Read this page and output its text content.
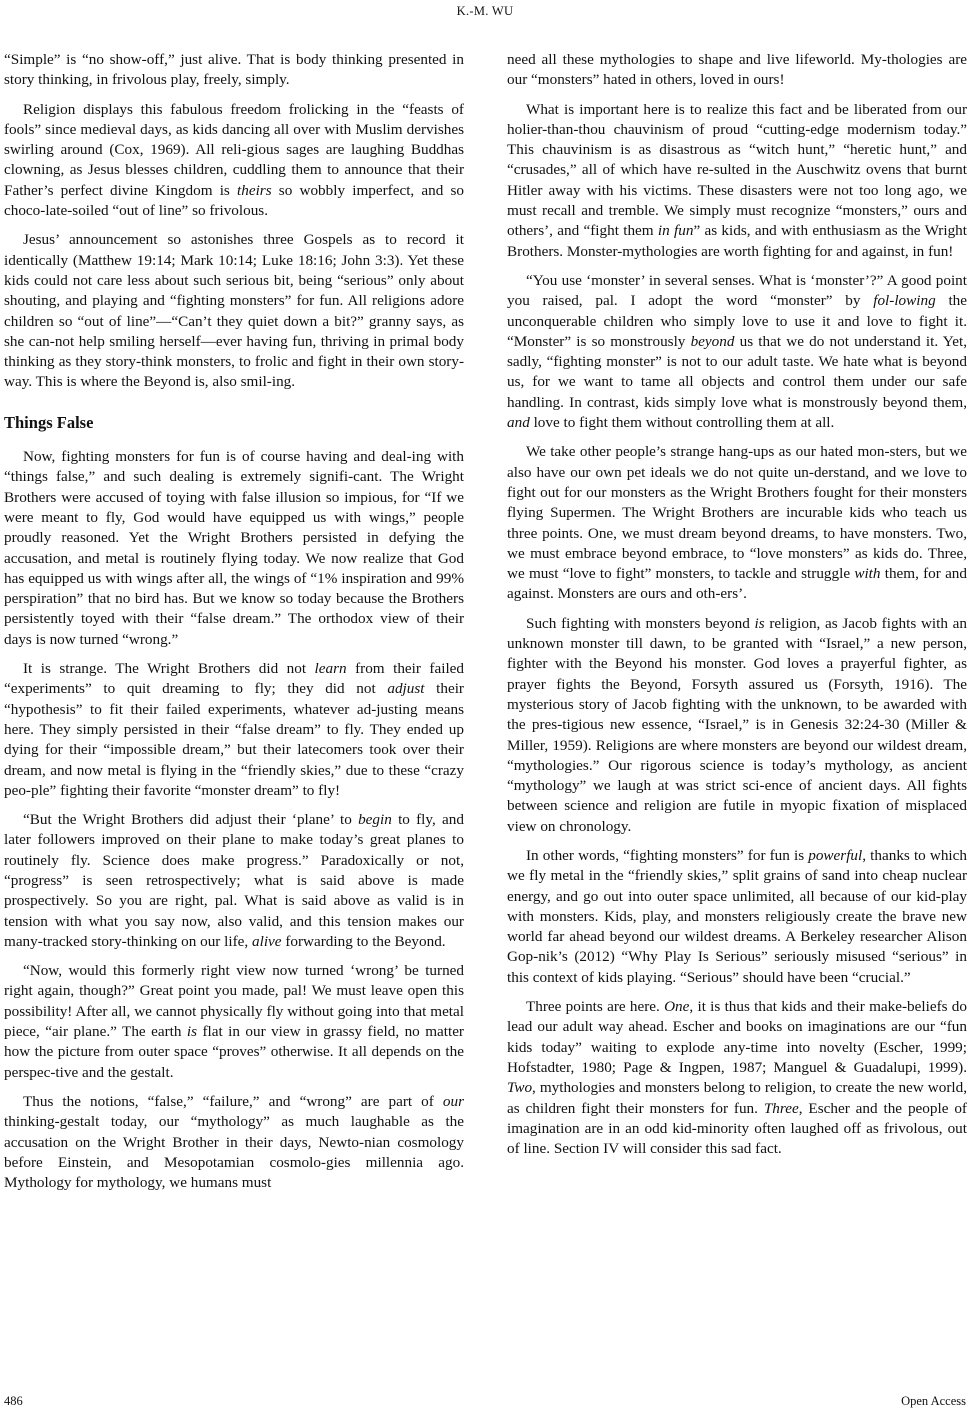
K.-M. WU

“Simple” is “no show-off,” just alive. That is body thinking presented in story thinking, in frivolous play, freely, simply.

Religion displays this fabulous freedom frolicking in the “feasts of fools” since medieval days, as kids dancing all over with Muslim dervishes swirling around (Cox, 1969). All reli-gious sages are laughing Buddhas clowning, as Jesus blesses children, cuddling them to announce that their Father’s perfect divine Kingdom is theirs so wobbly imperfect, and so choco-late-soiled “out of line” so frivolous.

Jesus’ announcement so astonishes three Gospels as to record it identically (Matthew 19:14; Mark 10:14; Luke 18:16; John 3:3). Yet these kids could not care less about such serious bit, being “serious” only about shouting, and playing and “fighting monsters” for fun. All religions adore children so “out of line”—“Can’t they quiet down a bit?” granny says, as she can-not help smiling herself—ever having fun, thriving in primal body thinking as they story-think monsters, to frolic and fight in their own story-way. This is where the Beyond is, also smil-ing.

Things False

Now, fighting monsters for fun is of course having and deal-ing with “things false,” and such dealing is extremely signifi-cant. The Wright Brothers were accused of toying with false illusion so impious, for “If we were meant to fly, God would have equipped us with wings,” people proudly reasoned. Yet the Wright Brothers persisted in defying the accusation, and metal is routinely flying today. We now realize that God has equipped us with wings after all, the wings of “1% inspiration and 99% perspiration” that no bird has. But we know so today because the Brothers persistently toyed with their “false dream.” The orthodox view of their days is now turned “wrong.”

It is strange. The Wright Brothers did not learn from their failed “experiments” to quit dreaming to fly; they did not adjust their “hypothesis” to fit their failed experiments, whatever ad-justing means here. They simply persisted in their “false dream” to fly. They ended up dying for their “impossible dream,” but their latecomers took over their dream, and now metal is flying in the “friendly skies,” due to these “crazy peo-ple” fighting their favorite “monster dream” to fly!

“But the Wright Brothers did adjust their ‘plane’ to begin to fly, and later followers improved on their plane to make today’s great planes to routinely fly. Science does make progress.” Paradoxically or not, “progress” is seen retrospectively; what is said above is made prospectively. So you are right, pal. What is said above as valid is in tension with what you say now, also valid, and this tension makes our many-tracked story-thinking on our life, alive forwarding to the Beyond.

“Now, would this formerly right view now turned ‘wrong’ be turned right again, though?” Great point you made, pal! We must leave open this possibility! After all, we cannot physically fly without going into that metal piece, “air plane.” The earth is flat in our view in grassy field, no matter how the picture from outer space “proves” otherwise. It all depends on the perspec-tive and the gestalt.

Thus the notions, “false,” “failure,” and “wrong” are part of our thinking-gestalt today, our “mythology” as much laughable as the accusation on the Wright Brother in their days, Newto-nian cosmology before Einstein, and Mesopotamian cosmolo-gies millennia ago. Mythology for mythology, we humans must

need all these mythologies to shape and live lifeworld. My-thologies are our “monsters” hated in others, loved in ours!

What is important here is to realize this fact and be liberated from our holier-than-thou chauvinism of proud “cutting-edge modernism today.” This chauvinism is as disastrous as “witch hunt,” “heretic hunt,” and “crusades,” all of which have re-sulted in the Auschwitz ovens that burnt Hitler away with his victims. These disasters were not too long ago, we must recall and tremble. We simply must recognize “monsters,” ours and others’, and “fight them in fun” as kids, and with enthusiasm as the Wright Brothers. Monster-mythologies are worth fighting for and against, in fun!

“You use ‘monster’ in several senses. What is ‘monster’?” A good point you raised, pal. I adopt the word “monster” by fol-lowing the unconquerable children who simply love to use it and love to fight it. “Monster” is so monstrously beyond us that we do not understand it. Yet, sadly, “fighting monster” is not to our adult taste. We hate what is beyond us, for we want to tame all objects and control them under our safe handling. In contrast, kids simply love what is monstrously beyond them, and love to fight them without controlling them at all.

We take other people’s strange hang-ups as our hated mon-sters, but we also have our own pet ideals we do not quite un-derstand, and we love to fight out for our monsters as the Wright Brothers fought for their monsters flying Supermen. The Wright Brothers are incurable kids who teach us three points. One, we must dream beyond dreams, to have monsters. Two, we must embrace beyond embrace, to “love monsters” as kids do. Three, we must “love to fight” monsters, to tackle and struggle with them, for and against. Monsters are ours and oth-ers’.

Such fighting with monsters beyond is religion, as Jacob fights with an unknown monster till dawn, to be granted with “Israel,” a new person, fighter with the Beyond his monster. God loves a prayerful fighter, as prayer fights the Beyond, Forsyth assured us (Forsyth, 1916). The mysterious story of Jacob fighting with the unknown, to be awarded with the pres-tigious new essence, “Israel,” is in Genesis 32:24-30 (Miller & Miller, 1959). Religions are where monsters are beyond our wildest dream, “mythologies.” Our rigorous science is today’s mythology, as ancient “mythology” we laugh at was strict sci-ence of ancient days. All fights between science and religion are futile in myopic fixation of misplaced view on chronology.

In other words, “fighting monsters” for fun is powerful, thanks to which we fly metal in the “friendly skies,” split grains of sand into cheap nuclear energy, and go out into outer space unlimited, all because of our kid-play with monsters. Kids, play, and monsters religiously create the brave new world far ahead beyond our wildest dreams. A Berkeley researcher Alison Gop-nik’s (2012) “Why Play Is Serious” seriously misused “serious” in this context of kids playing. “Serious” should have been “crucial.”

Three points are here. One, it is thus that kids and their make-beliefs do lead our adult way ahead. Escher and books on imaginations are our “fun kids today” waiting to explode any-time into novelty (Escher, 1999; Hofstadter, 1980; Page & Ingpen, 1987; Manguel & Guadalupi, 1999). Two, mythologies and monsters belong to religion, to create the new world, as children fight their monsters for fun. Three, Escher and the people of imagination are in an odd kid-minority often laughed off as frivolous, out of line. Section IV will consider this sad fact.

486	Open Access
